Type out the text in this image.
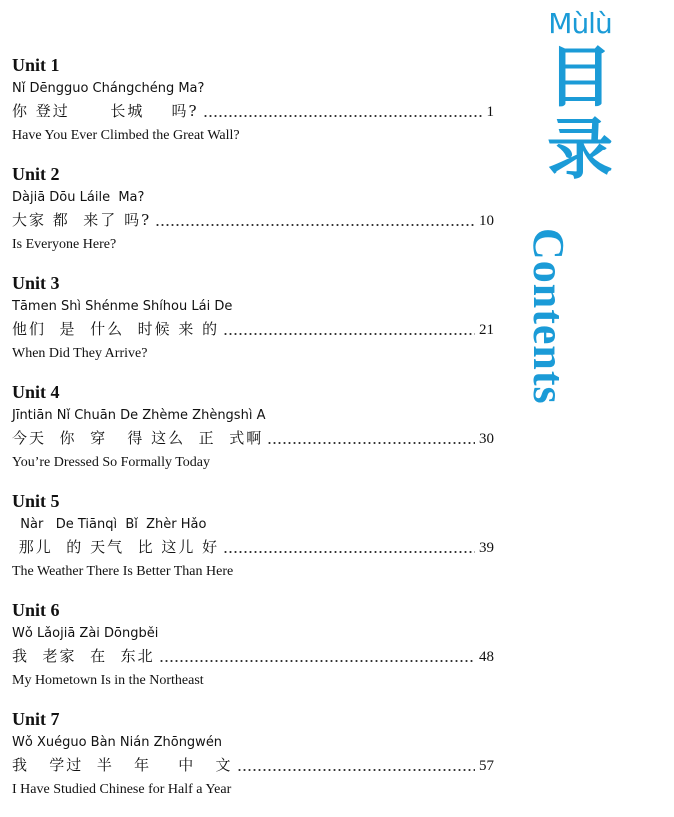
Mùlù
目
录
Contents
Unit 1
Nǐ Dēngguo Chángchéng Ma?
你 登过      长城    吗?	1
Have You Ever Climbed the Great Wall?
Unit 2
Dàjiā Dōu Láile  Ma?
大家 都  来了 吗?	10
Is Everyone Here?
Unit 3
Tāmen Shì Shénme Shíhou Lái De
他们  是  什么  时候 来 的	21
When Did They Arrive?
Unit 4
Jīntiān Nǐ Chuān De Zhème Zhèngshì A
今天  你  穿   得 这么  正  式啊	30
You’re Dressed So Formally Today
Unit 5
Nàr   De Tiānqì  Bǐ  Zhèr Hǎo
那儿  的 天气  比 这儿 好	39
The Weather There Is Better Than Here
Unit 6
Wǒ Lǎojiā Zài Dōngběi
我  老家  在  东北	48
My Hometown Is in the Northeast
Unit 7
Wǒ Xuéguo Bàn Nián Zhōngwén
我   学过  半   年    中   文	57
I Have Studied Chinese for Half a Year
